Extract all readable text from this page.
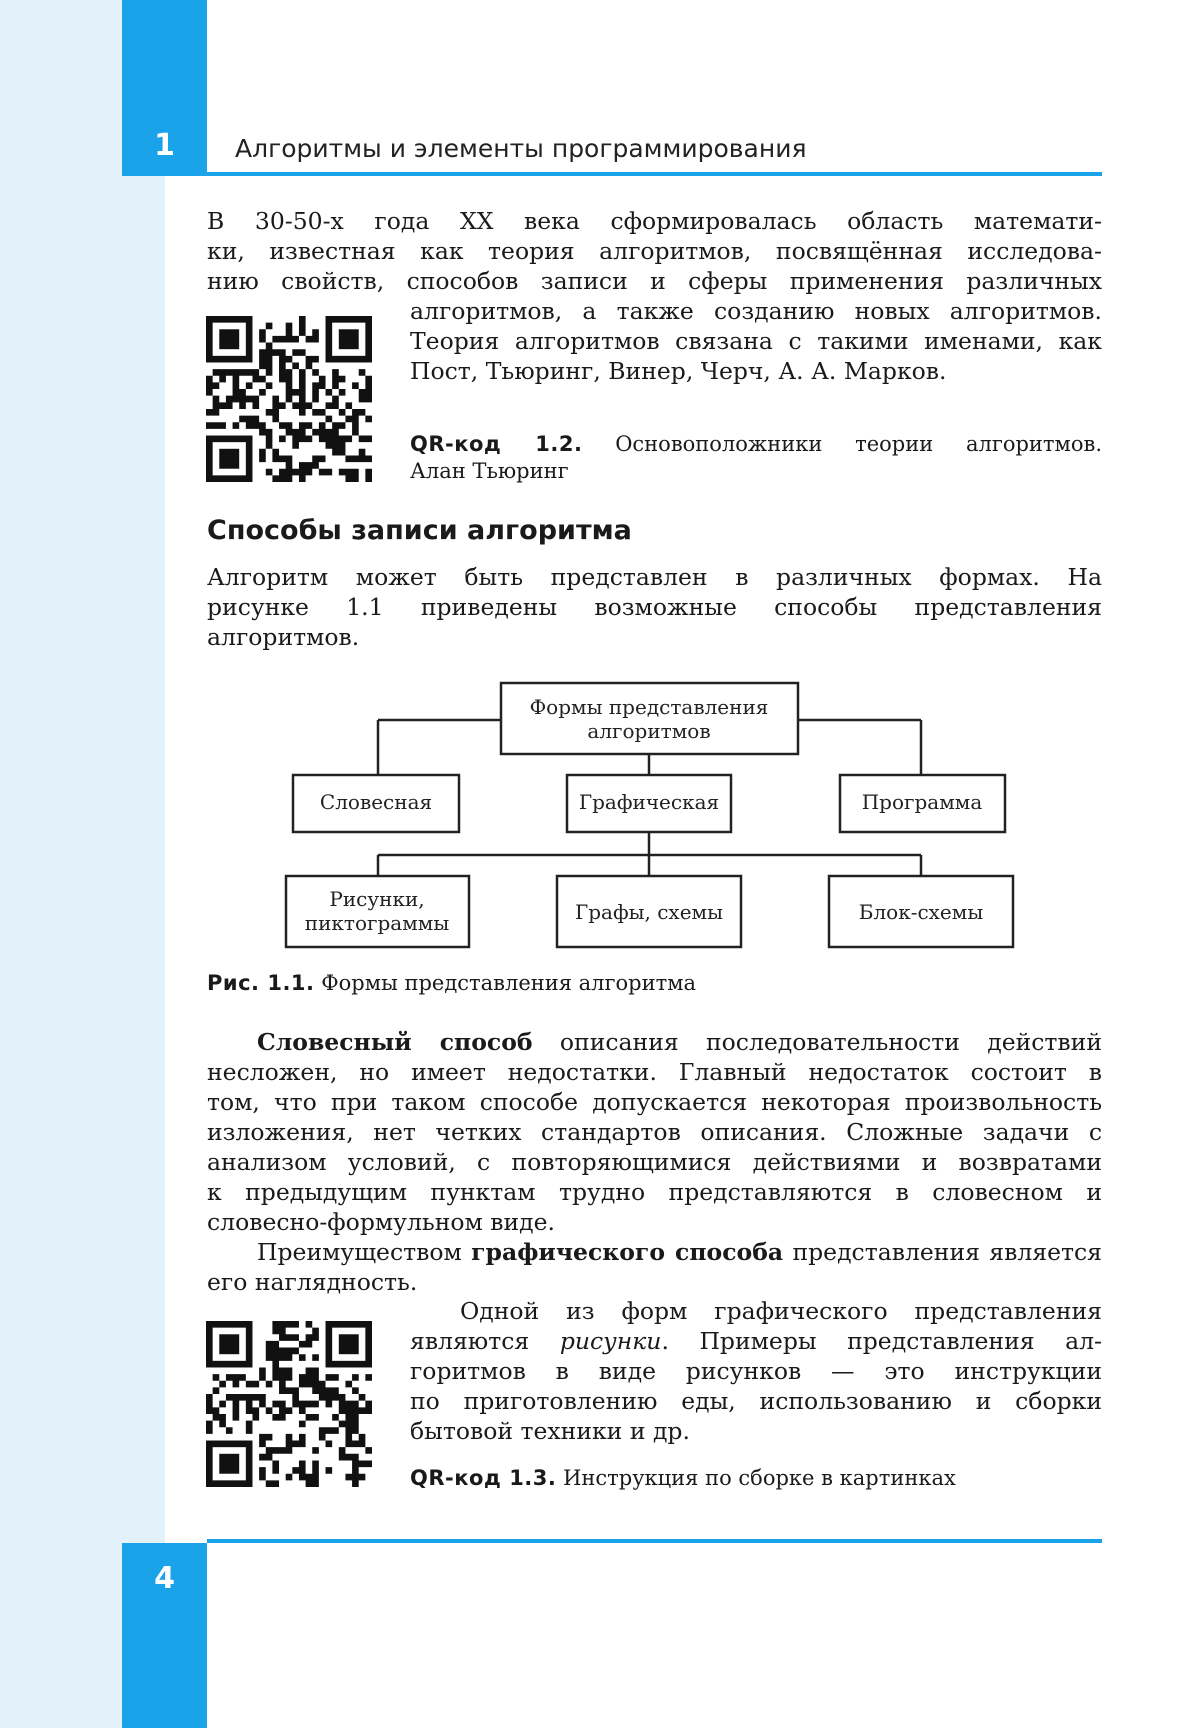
1	Алгоритмы и элементы программирования
В 30-50-х года XX века сформировалась область математи-
ки, известная как теория алгоритмов, посвящённая исследова-
нию свойств, способов записи и сферы применения различных
алгоритмов, а также созданию новых алгоритмов.
Теория алгоритмов связана с такими именами, как
Пост, Тьюринг, Винер, Черч, А. А. Марков.
QR-код 1.2. Основоположники теории алгоритмов.
Алан Тьюринг
Способы записи алгоритма
Алгоритм может быть представлен в различных формах. На
рисунке 1.1 приведены возможные способы представления
алгоритмов.
Формы представления
алгоритмов
Словесная	Графическая	Программа
Рисунки,
пиктограммы	Графы, схемы	Блок-схемы
Рис. 1.1. Формы представления алгоритма
Словесный способ описания последовательности действий
несложен, но имеет недостатки. Главный недостаток состоит в
том, что при таком способе допускается некоторая произвольность
изложения, нет четких стандартов описания. Сложные задачи с
анализом условий, с повторяющимися действиями и возвратами
к предыдущим пунктам трудно представляются в словесном и
словесно-формульном виде.
Преимуществом графического способа представления является
его наглядность.
Одной из форм графического представления
являются рисунки. Примеры представления ал-
горитмов в виде рисунков — это инструкции
по приготовлению еды, использованию и сборки
бытовой техники и др.
QR-код 1.3. Инструкция по сборке в картинках
4
